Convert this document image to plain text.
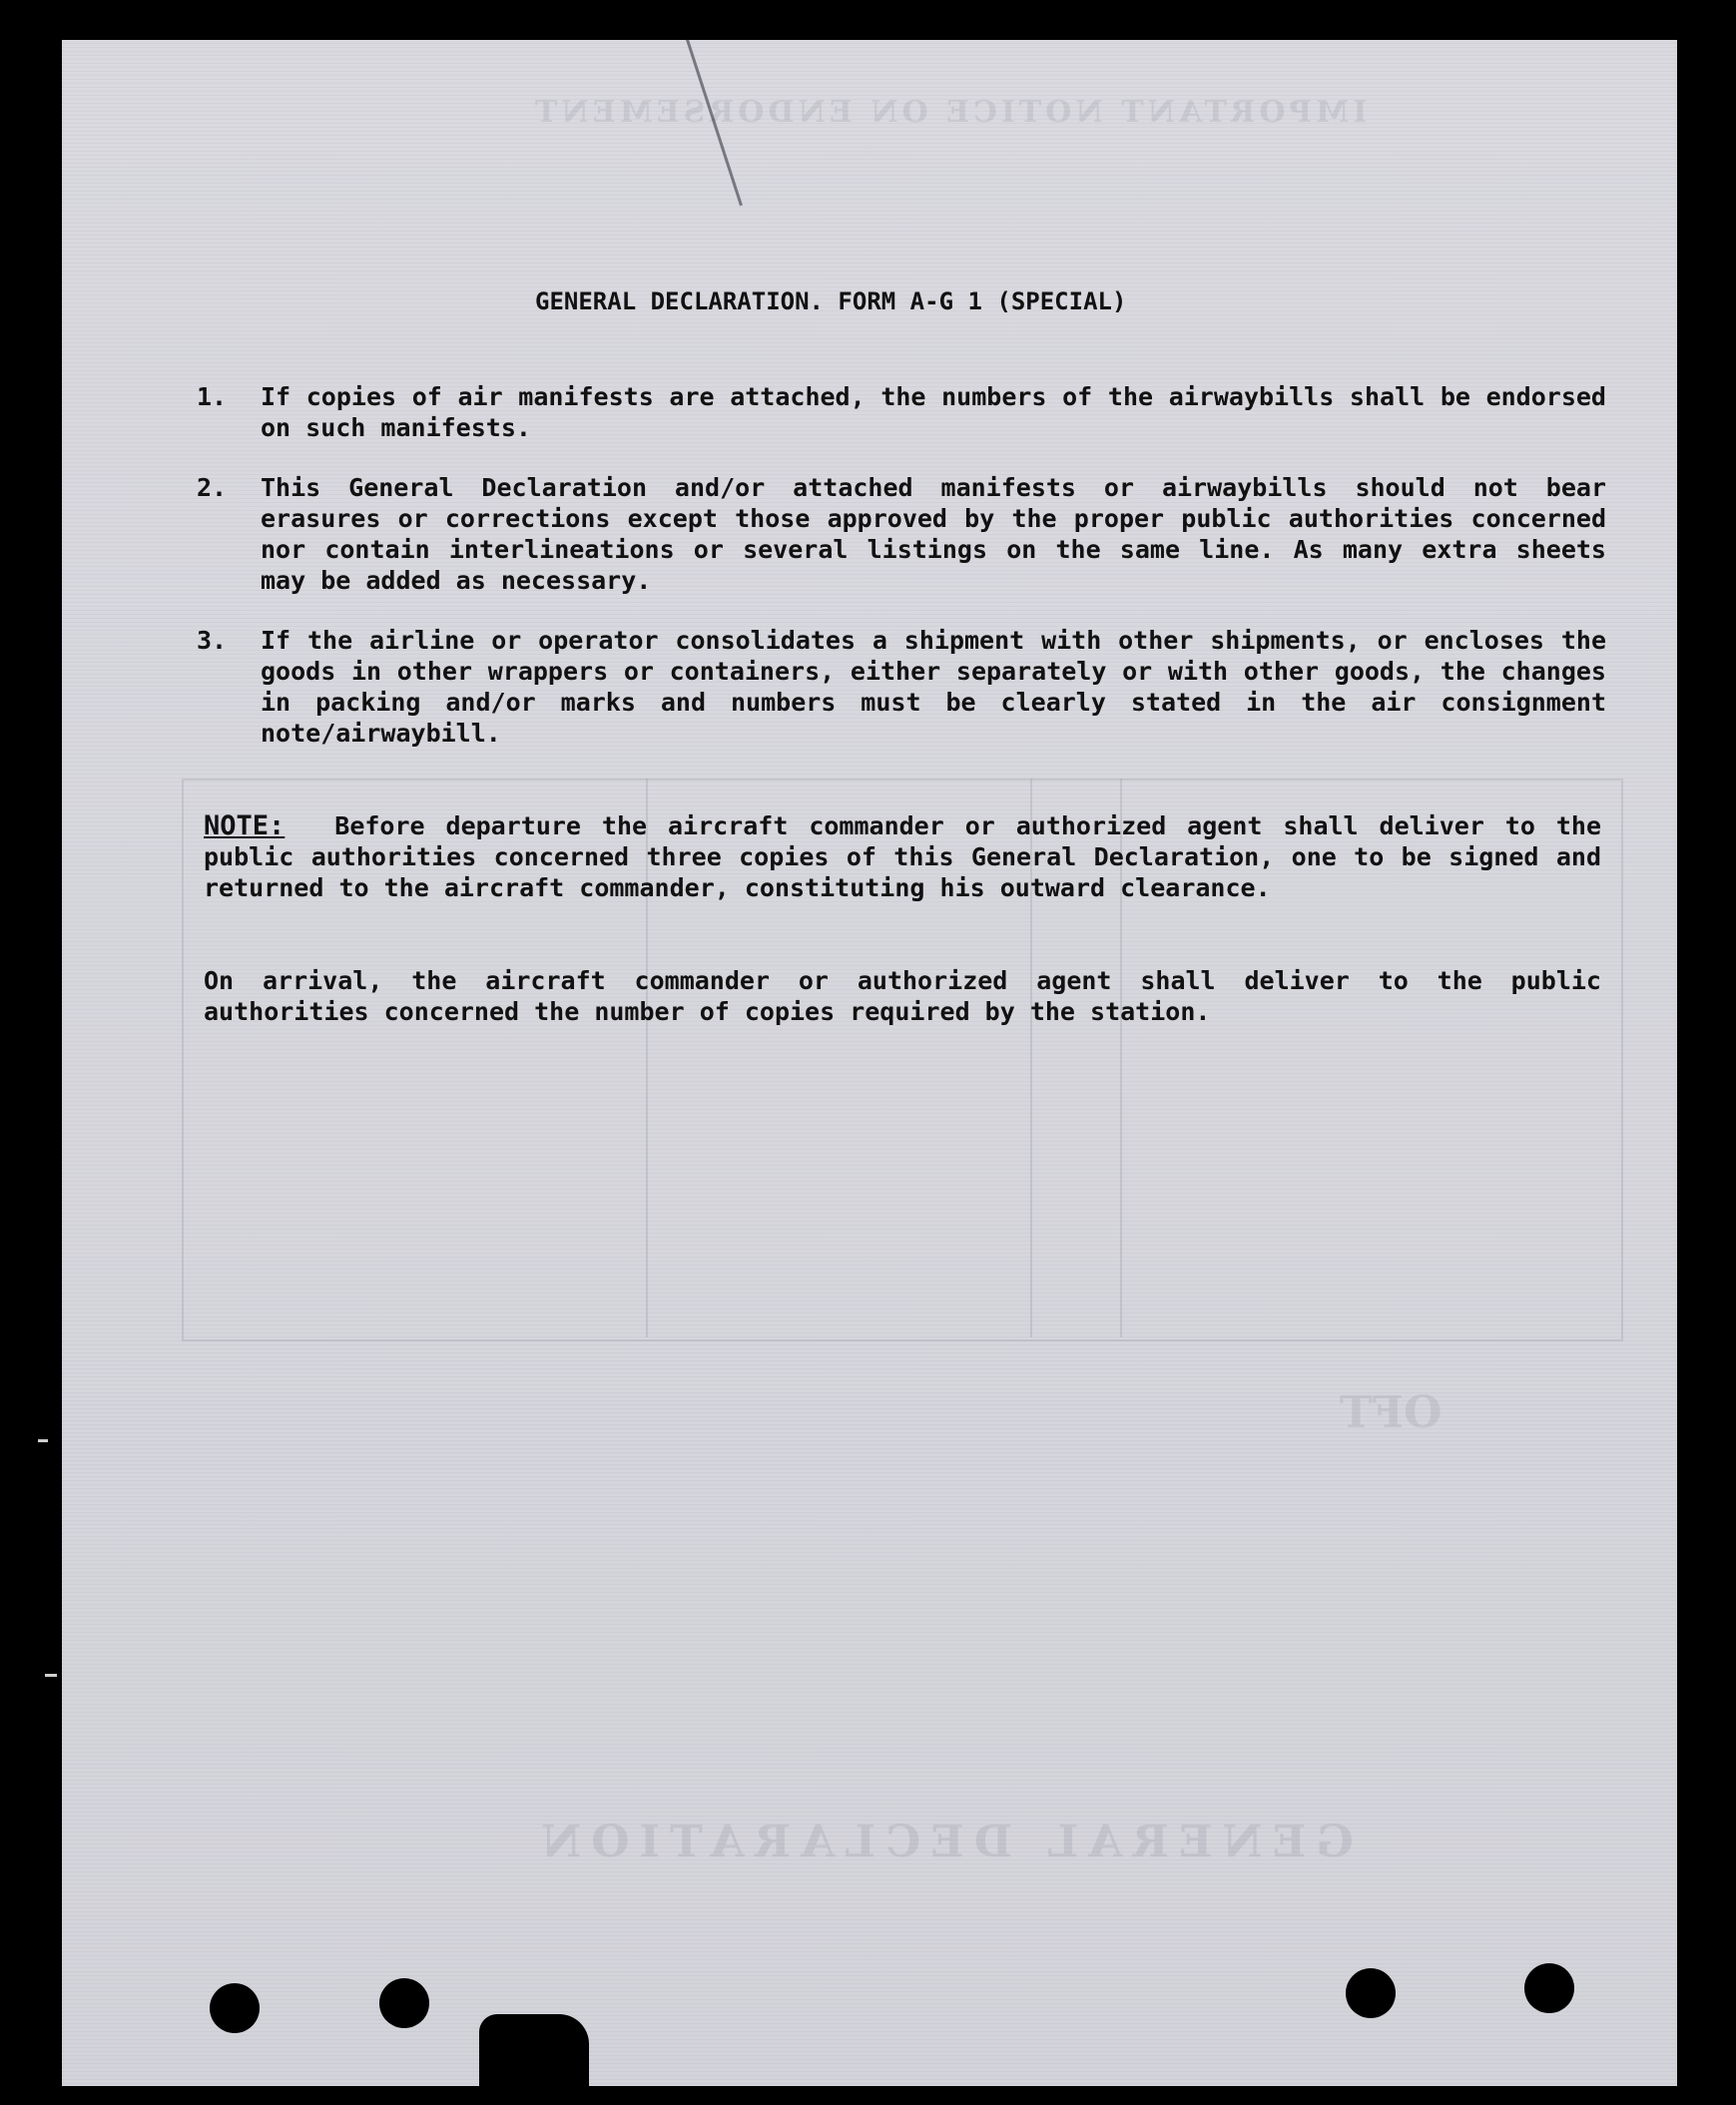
GENERAL DECLARATION
OFT
IMPORTANT NOTICE ON ENDORSEMENT
GENERAL DECLARATION. FORM A-G 1 (SPECIAL)
1. If copies of air manifests are attached, the numbers of the airwaybills shall be endorsed on such manifests.
2. This General Declaration and/or attached manifests or airwaybills should not bear erasures or corrections except those approved by the proper public authorities concerned nor contain interlineations or several listings on the same line. As many extra sheets may be added as necessary.
3. If the airline or operator consolidates a shipment with other shipments, or encloses the goods in other wrappers or containers, either separately or with other goods, the changes in packing and/or marks and numbers must be clearly stated in the air consignment note/airwaybill.
NOTE: Before departure the aircraft commander or authorized agent shall deliver to the public authorities concerned three copies of this General Declaration, one to be signed and returned to the aircraft commander, constituting his outward clearance.
On arrival, the aircraft commander or authorized agent shall deliver to the public authorities concerned the number of copies required by the station.
